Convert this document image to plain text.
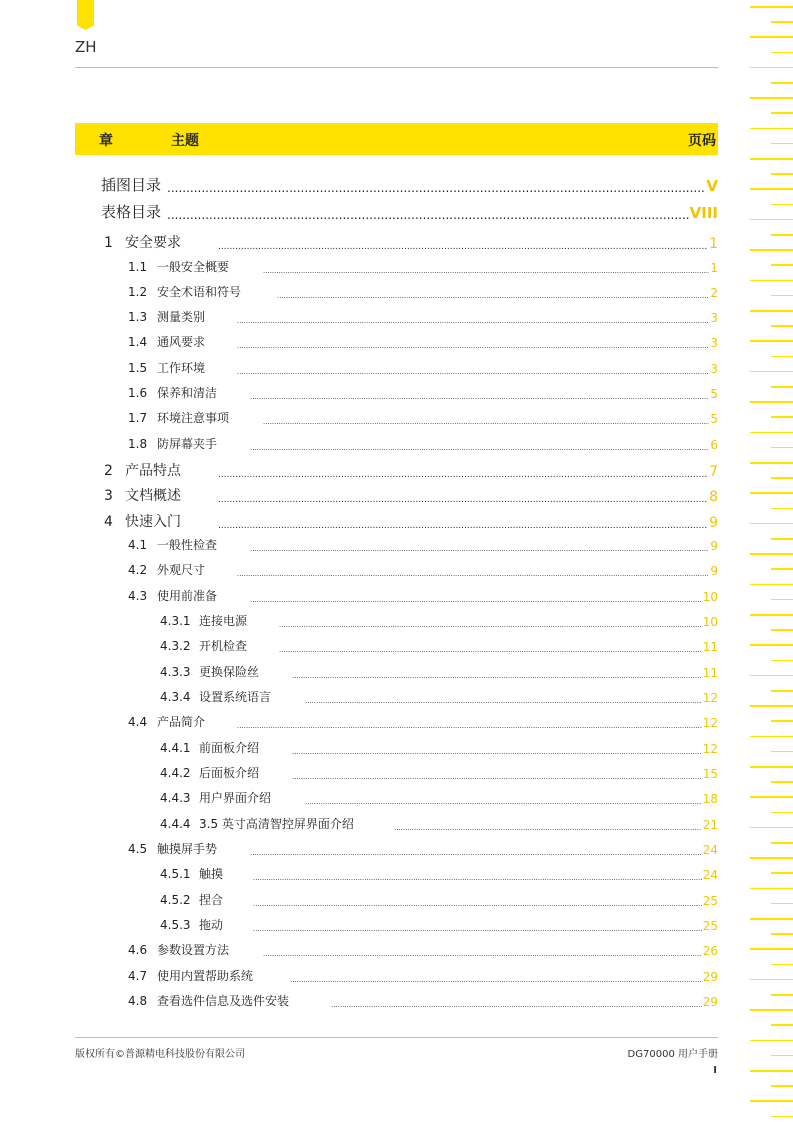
ZH
章	主题	页码
插图目录 .....	V
表格目录 .....	VIII
1 安全要求 .....	1
1.1 一般安全概要 .....	1
1.2 安全术语和符号 .....	2
1.3 测量类别 .....	3
1.4 通风要求 .....	3
1.5 工作环境 .....	3
1.6 保养和清洁 .....	5
1.7 环境注意事项 .....	5
1.8 防屏幕夹手 .....	6
2 产品特点 .....	7
3 文档概述 .....	8
4 快速入门 .....	9
4.1 一般性检查 .....	9
4.2 外观尺寸 .....	9
4.3 使用前准备 .....	10
4.3.1 连接电源 .....	10
4.3.2 开机检查 .....	11
4.3.3 更换保险丝 .....	11
4.3.4 设置系统语言 .....	12
4.4 产品简介 .....	12
4.4.1 前面板介绍 .....	12
4.4.2 后面板介绍 .....	15
4.4.3 用户界面介绍 .....	18
4.4.4 3.5 英寸高清智控屏界面介绍 .....	21
4.5 触摸屏手势 .....	24
4.5.1 触摸 .....	24
4.5.2 捏合 .....	25
4.5.3 拖动 .....	25
4.6 参数设置方法 .....	26
4.7 使用内置帮助系统 .....	29
4.8 查看选件信息及选件安装 .....	29
版权所有©普源精电科技股份有限公司	DG70000 用户手册
I
